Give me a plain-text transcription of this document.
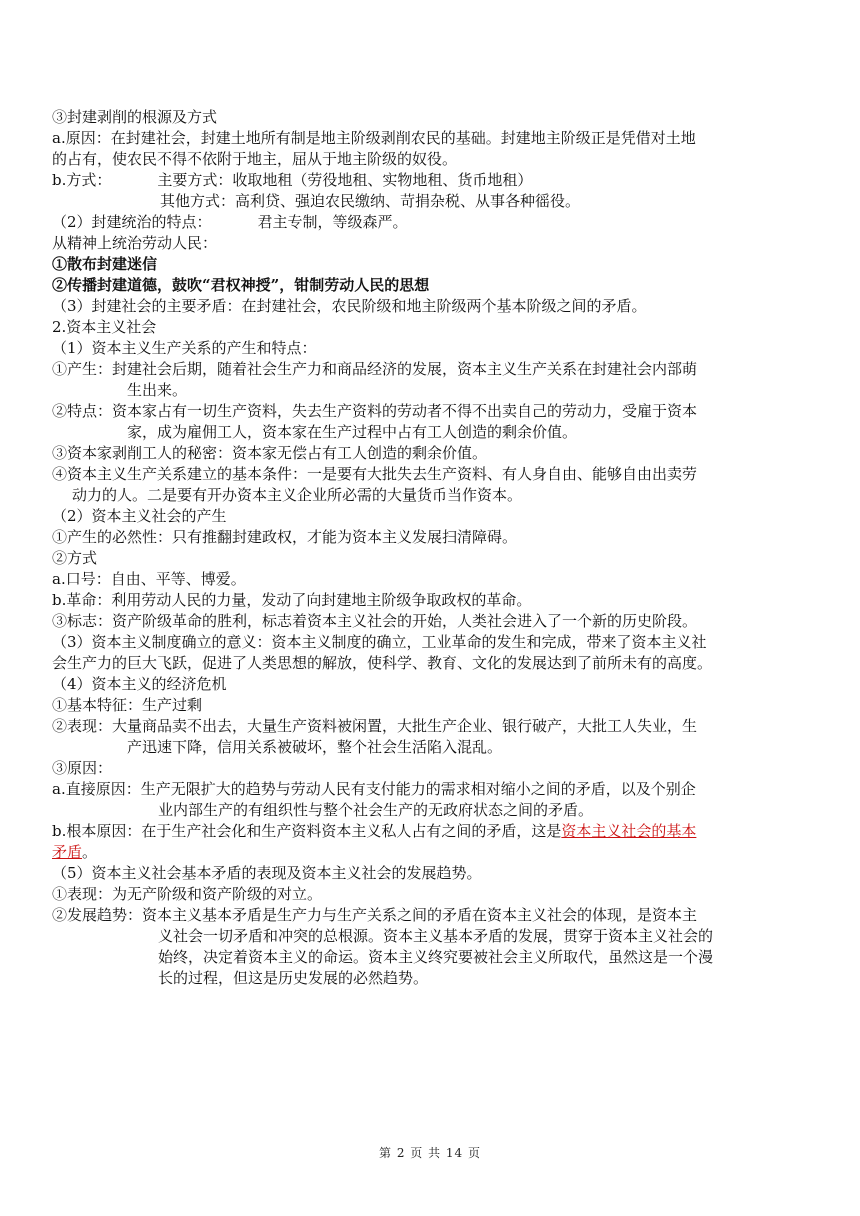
③封建剥削的根源及方式
a.原因：在封建社会，封建土地所有制是地主阶级剥削农民的基础。封建地主阶级正是凭借对土地
的占有，使农民不得不依附于地主，屈从于地主阶级的奴役。
b.方式：	主要方式：收取地租（劳役地租、实物地租、货币地租）
其他方式：高利贷、强迫农民缴纳、苛捐杂税、从事各种徭役。
（2）封建统治的特点：	君主专制，等级森严。
从精神上统治劳动人民：
①散布封建迷信
②传播封建道德，鼓吹“君权神授”，钳制劳动人民的思想
（3）封建社会的主要矛盾：在封建社会，农民阶级和地主阶级两个基本阶级之间的矛盾。
2.资本主义社会
（1）资本主义生产关系的产生和特点：
①产生：封建社会后期，随着社会生产力和商品经济的发展，资本主义生产关系在封建社会内部萌
生出来。
②特点：资本家占有一切生产资料，失去生产资料的劳动者不得不出卖自己的劳动力，受雇于资本
家，成为雇佣工人，资本家在生产过程中占有工人创造的剩余价值。
③资本家剥削工人的秘密：资本家无偿占有工人创造的剩余价值。
④资本主义生产关系建立的基本条件：一是要有大批失去生产资料、有人身自由、能够自由出卖劳
动力的人。二是要有开办资本主义企业所必需的大量货币当作资本。
（2）资本主义社会的产生
①产生的必然性：只有推翻封建政权，才能为资本主义发展扫清障碍。
②方式
a.口号：自由、平等、博爱。
b.革命：利用劳动人民的力量，发动了向封建地主阶级争取政权的革命。
③标志：资产阶级革命的胜利，标志着资本主义社会的开始，人类社会进入了一个新的历史阶段。
（3）资本主义制度确立的意义：资本主义制度的确立，工业革命的发生和完成，带来了资本主义社
会生产力的巨大飞跃，促进了人类思想的解放，使科学、教育、文化的发展达到了前所未有的高度。
（4）资本主义的经济危机
①基本特征：生产过剩
②表现：大量商品卖不出去，大量生产资料被闲置，大批生产企业、银行破产，大批工人失业，生
产迅速下降，信用关系被破坏，整个社会生活陷入混乱。
③原因：
a.直接原因：生产无限扩大的趋势与劳动人民有支付能力的需求相对缩小之间的矛盾，以及个别企
业内部生产的有组织性与整个社会生产的无政府状态之间的矛盾。
b.根本原因：在于生产社会化和生产资料资本主义私人占有之间的矛盾，这是资本主义社会的基本
矛盾。
（5）资本主义社会基本矛盾的表现及资本主义社会的发展趋势。
①表现：为无产阶级和资产阶级的对立。
②发展趋势：资本主义基本矛盾是生产力与生产关系之间的矛盾在资本主义社会的体现，是资本主
义社会一切矛盾和冲突的总根源。资本主义基本矛盾的发展，贯穿于资本主义社会的
始终，决定着资本主义的命运。资本主义终究要被社会主义所取代，虽然这是一个漫
长的过程，但这是历史发展的必然趋势。
第 2 页 共 14 页
